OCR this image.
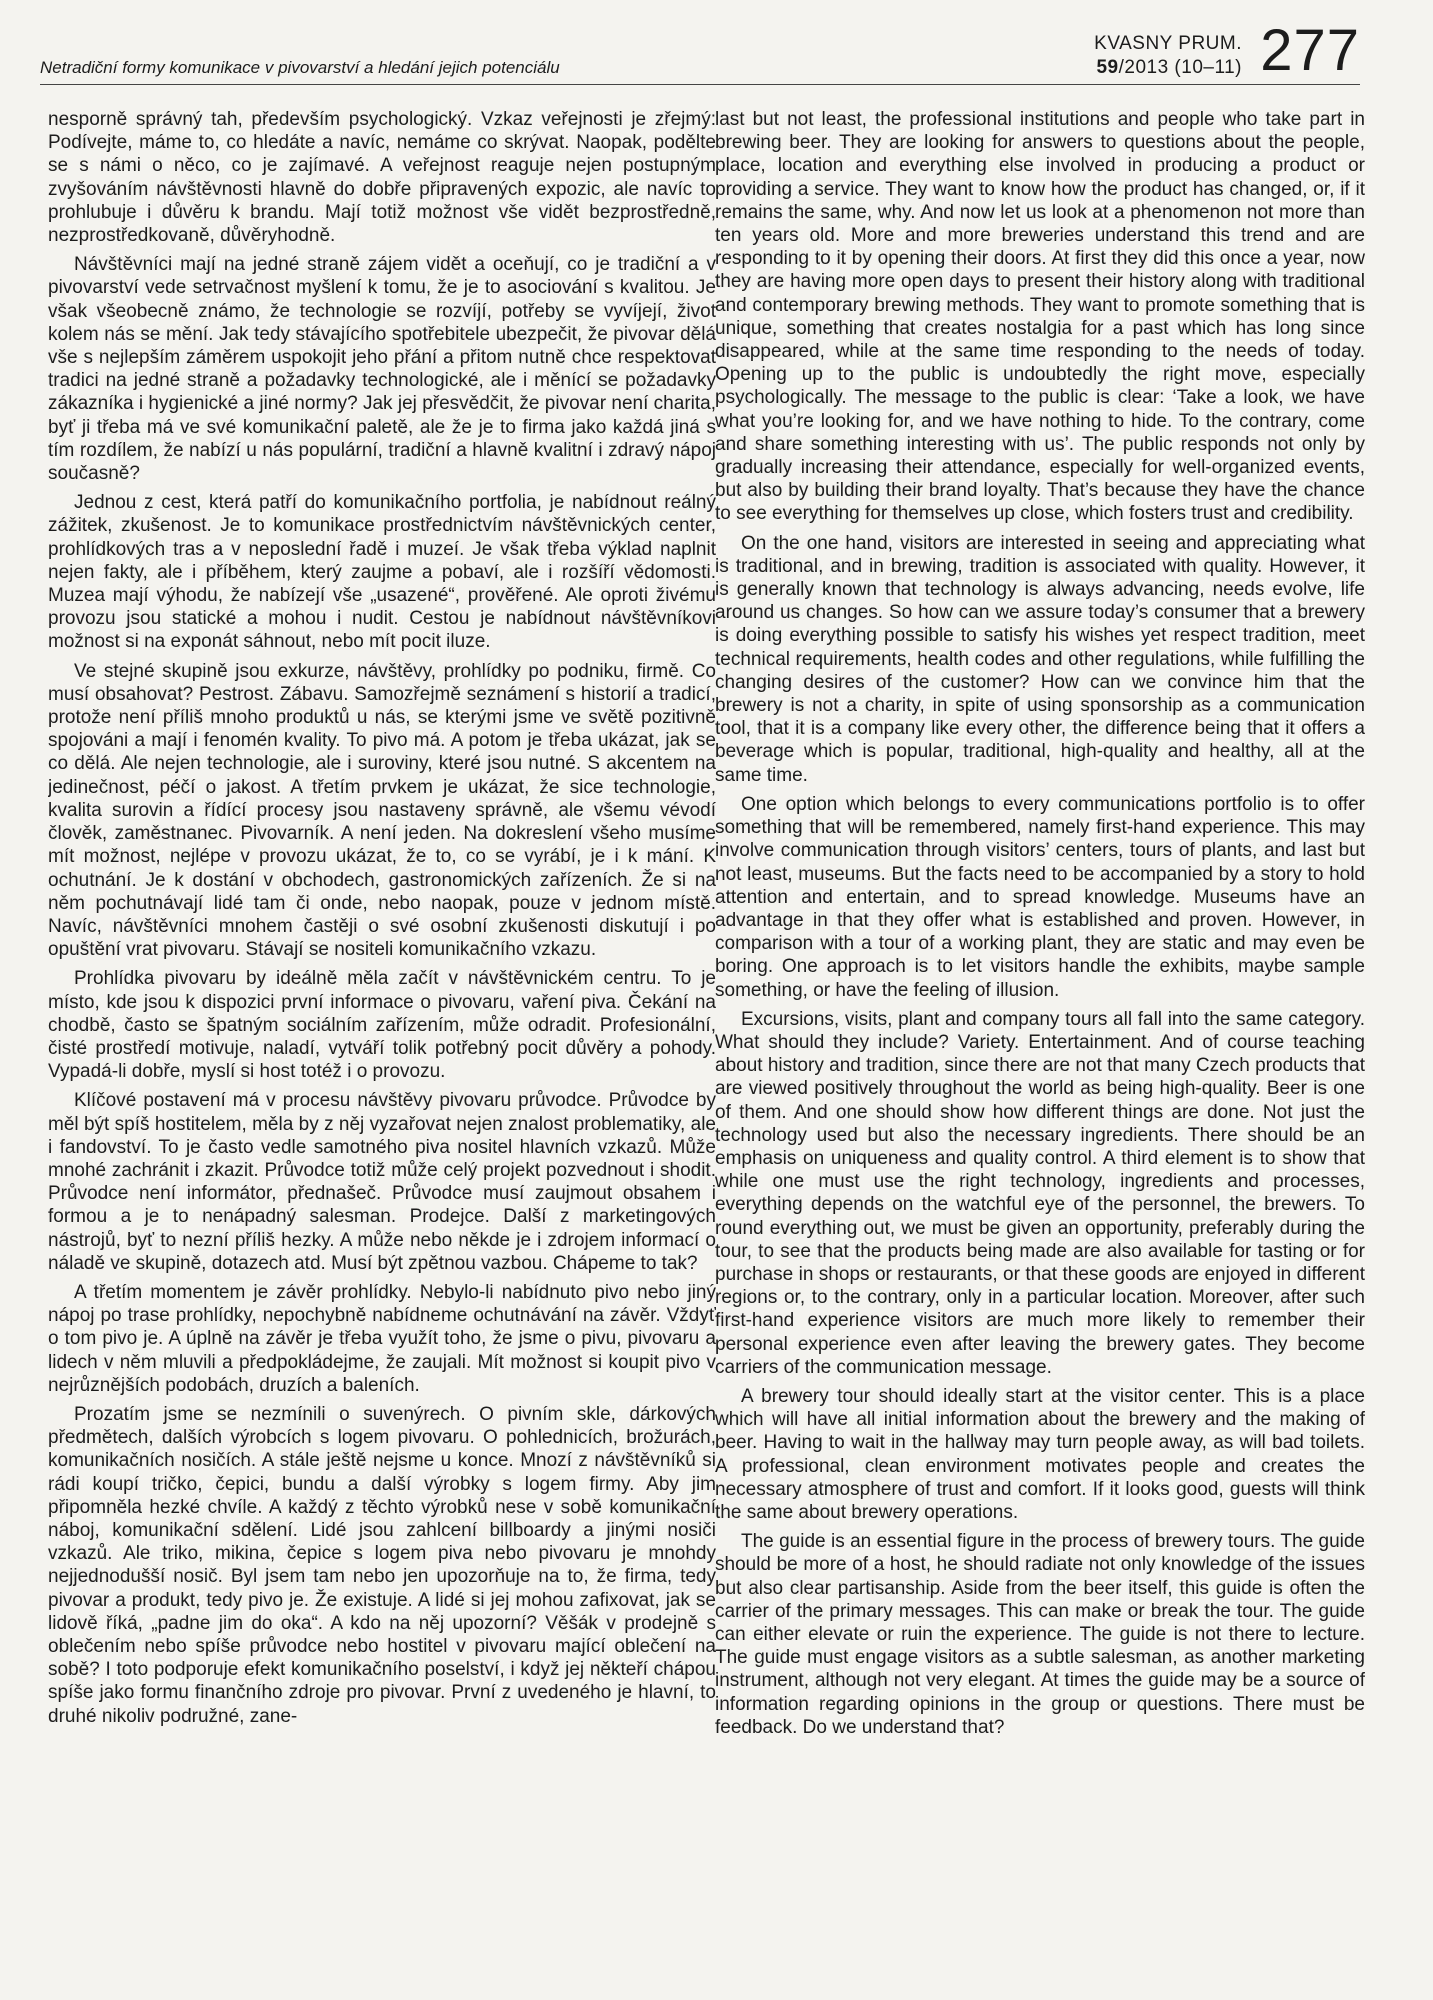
Netradiční formy komunikace v pivovarství a hledání jejich potenciálu
KVASNY PRUM.
59/2013 (10–11) 277

nesporně správný tah, především psychologický. Vzkaz veřejnosti je zřejmý: Podívejte, máme to, co hledáte a navíc, nemáme co skrývat. Naopak, podělte se s námi o něco, co je zajímavé. A veřejnost reaguje nejen postupným zvyšováním návštěvnosti hlavně do dobře připravených expozic, ale navíc to prohlubuje i důvěru k brandu. Mají totiž možnost vše vidět bezprostředně, nezprostředkovaně, důvěryhodně.

Návštěvníci mají na jedné straně zájem vidět a oceňují, co je tradiční a v pivovarství vede setrvačnost myšlení k tomu, že je to asociování s kvalitou. Je však všeobecně známo, že technologie se rozvíjí, potřeby se vyvíjejí, život kolem nás se mění. Jak tedy stávajícího spotřebitele ubezpečit, že pivovar dělá vše s nejlepším záměrem uspokojit jeho přání a přitom nutně chce respektovat tradici na jedné straně a požadavky technologické, ale i měnící se požadavky zákazníka i hygienické a jiné normy? Jak jej přesvědčit, že pivovar není charita, byť ji třeba má ve své komunikační paletě, ale že je to firma jako každá jiná s tím rozdílem, že nabízí u nás populární, tradiční a hlavně kvalitní i zdravý nápoj současně?

Jednou z cest, která patří do komunikačního portfolia, je nabídnout reálný zážitek, zkušenost. Je to komunikace prostřednictvím návštěvnických center, prohlídkových tras a v neposlední řadě i muzeí. Je však třeba výklad naplnit nejen fakty, ale i příběhem, který zaujme a pobaví, ale i rozšíří vědomosti. Muzea mají výhodu, že nabízejí vše „usazené“, prověřené. Ale oproti živému provozu jsou statické a mohou i nudit. Cestou je nabídnout návštěvníkovi možnost si na exponát sáhnout, nebo mít pocit iluze.

Ve stejné skupině jsou exkurze, návštěvy, prohlídky po podniku, firmě. Co musí obsahovat? Pestrost. Zábavu. Samozřejmě seznámení s historií a tradicí, protože není příliš mnoho produktů u nás, se kterými jsme ve světě pozitivně spojováni a mají i fenomén kvality. To pivo má. A potom je třeba ukázat, jak se co dělá. Ale nejen technologie, ale i suroviny, které jsou nutné. S akcentem na jedinečnost, péčí o jakost. A třetím prvkem je ukázat, že sice technologie, kvalita surovin a řídící procesy jsou nastaveny správně, ale všemu vévodí člověk, zaměstnanec. Pivovarník. A není jeden. Na dokreslení všeho musíme mít možnost, nejlépe v provozu ukázat, že to, co se vyrábí, je i k mání. K ochutnání. Je k dostání v obchodech, gastronomických zařízeních. Že si na něm pochutnávají lidé tam či onde, nebo naopak, pouze v jednom místě. Navíc, návštěvníci mnohem častěji o své osobní zkušenosti diskutují i po opuštění vrat pivovaru. Stávají se nositeli komunikačního vzkazu.

Prohlídka pivovaru by ideálně měla začít v návštěvnickém centru. To je místo, kde jsou k dispozici první informace o pivovaru, vaření piva. Čekání na chodbě, často se špatným sociálním zařízením, může odradit. Profesionální, čisté prostředí motivuje, naladí, vytváří tolik potřebný pocit důvěry a pohody. Vypadá-li dobře, myslí si host totéž i o provozu.

Klíčové postavení má v procesu návštěvy pivovaru průvodce. Průvodce by měl být spíš hostitelem, měla by z něj vyzařovat nejen znalost problematiky, ale i fandovství. To je často vedle samotného piva nositel hlavních vzkazů. Může mnohé zachránit i zkazit. Průvodce totiž může celý projekt pozvednout i shodit. Průvodce není informátor, přednašeč. Průvodce musí zaujmout obsahem i formou a je to nenápadný salesman. Prodejce. Další z marketingových nástrojů, byť to nezní příliš hezky. A může nebo někde je i zdrojem informací o náladě ve skupině, dotazech atd. Musí být zpětnou vazbou. Chápeme to tak?

A třetím momentem je závěr prohlídky. Nebylo-li nabídnuto pivo nebo jiný nápoj po trase prohlídky, nepochybně nabídneme ochutnávání na závěr. Vždyť o tom pivo je. A úplně na závěr je třeba využít toho, že jsme o pivu, pivovaru a lidech v něm mluvili a předpokládejme, že zaujali. Mít možnost si koupit pivo v nejrůznějších podobách, druzích a baleních.

Prozatím jsme se nezmínili o suvenýrech. O pivním skle, dárkových předmětech, dalších výrobcích s logem pivovaru. O pohlednicích, brožurách, komunikačních nosičích. A stále ještě nejsme u konce. Mnozí z návštěvníků si rádi koupí tričko, čepici, bundu a další výrobky s logem firmy. Aby jim připomněla hezké chvíle. A každý z těchto výrobků nese v sobě komunikační náboj, komunikační sdělení. Lidé jsou zahlcení billboardy a jinými nosiči vzkazů. Ale triko, mikina, čepice s logem piva nebo pivovaru je mnohdy nejjednodušší nosič. Byl jsem tam nebo jen upozorňuje na to, že firma, tedy pivovar a produkt, tedy pivo je. Že existuje. A lidé si jej mohou zafixovat, jak se lidově říká, „padne jim do oka“. A kdo na něj upozorní? Věšák v prodejně s oblečením nebo spíše průvodce nebo hostitel v pivovaru mající oblečení na sobě? I toto podporuje efekt komunikačního poselství, i když jej někteří chápou spíše jako formu finančního zdroje pro pivovar. První z uvedeného je hlavní, to druhé nikoliv podružné, zane-

last but not least, the professional institutions and people who take part in brewing beer. They are looking for answers to questions about the people, place, location and everything else involved in producing a product or providing a service. They want to know how the product has changed, or, if it remains the same, why. And now let us look at a phenomenon not more than ten years old. More and more breweries understand this trend and are responding to it by opening their doors. At first they did this once a year, now they are having more open days to present their history along with traditional and contemporary brewing methods. They want to promote something that is unique, something that creates nostalgia for a past which has long since disappeared, while at the same time responding to the needs of today. Opening up to the public is undoubtedly the right move, especially psychologically. The message to the public is clear: ‘Take a look, we have what you’re looking for, and we have nothing to hide. To the contrary, come and share something interesting with us’. The public responds not only by gradually increasing their attendance, especially for well-organized events, but also by building their brand loyalty. That’s because they have the chance to see everything for themselves up close, which fosters trust and credibility.

On the one hand, visitors are interested in seeing and appreciating what is traditional, and in brewing, tradition is associated with quality. However, it is generally known that technology is always advancing, needs evolve, life around us changes. So how can we assure today’s consumer that a brewery is doing everything possible to satisfy his wishes yet respect tradition, meet technical requirements, health codes and other regulations, while fulfilling the changing desires of the customer? How can we convince him that the brewery is not a charity, in spite of using sponsorship as a communication tool, that it is a company like every other, the difference being that it offers a beverage which is popular, traditional, high-quality and healthy, all at the same time.

One option which belongs to every communications portfolio is to offer something that will be remembered, namely first-hand experience. This may involve communication through visitors’ centers, tours of plants, and last but not least, museums. But the facts need to be accompanied by a story to hold attention and entertain, and to spread knowledge. Museums have an advantage in that they offer what is established and proven. However, in comparison with a tour of a working plant, they are static and may even be boring. One approach is to let visitors handle the exhibits, maybe sample something, or have the feeling of illusion.

Excursions, visits, plant and company tours all fall into the same category. What should they include? Variety. Entertainment. And of course teaching about history and tradition, since there are not that many Czech products that are viewed positively throughout the world as being high-quality. Beer is one of them. And one should show how different things are done. Not just the technology used but also the necessary ingredients. There should be an emphasis on uniqueness and quality control. A third element is to show that while one must use the right technology, ingredients and processes, everything depends on the watchful eye of the personnel, the brewers. To round everything out, we must be given an opportunity, preferably during the tour, to see that the products being made are also available for tasting or for purchase in shops or restaurants, or that these goods are enjoyed in different regions or, to the contrary, only in a particular location. Moreover, after such first-hand experience visitors are much more likely to remember their personal experience even after leaving the brewery gates. They become carriers of the communication message.

A brewery tour should ideally start at the visitor center. This is a place which will have all initial information about the brewery and the making of beer. Having to wait in the hallway may turn people away, as will bad toilets. A professional, clean environment motivates people and creates the necessary atmosphere of trust and comfort. If it looks good, guests will think the same about brewery operations.

The guide is an essential figure in the process of brewery tours. The guide should be more of a host, he should radiate not only knowledge of the issues but also clear partisanship. Aside from the beer itself, this guide is often the carrier of the primary messages. This can make or break the tour. The guide can either elevate or ruin the experience. The guide is not there to lecture. The guide must engage visitors as a subtle salesman, as another marketing instrument, although not very elegant. At times the guide may be a source of information regarding opinions in the group or questions. There must be feedback. Do we understand that?
